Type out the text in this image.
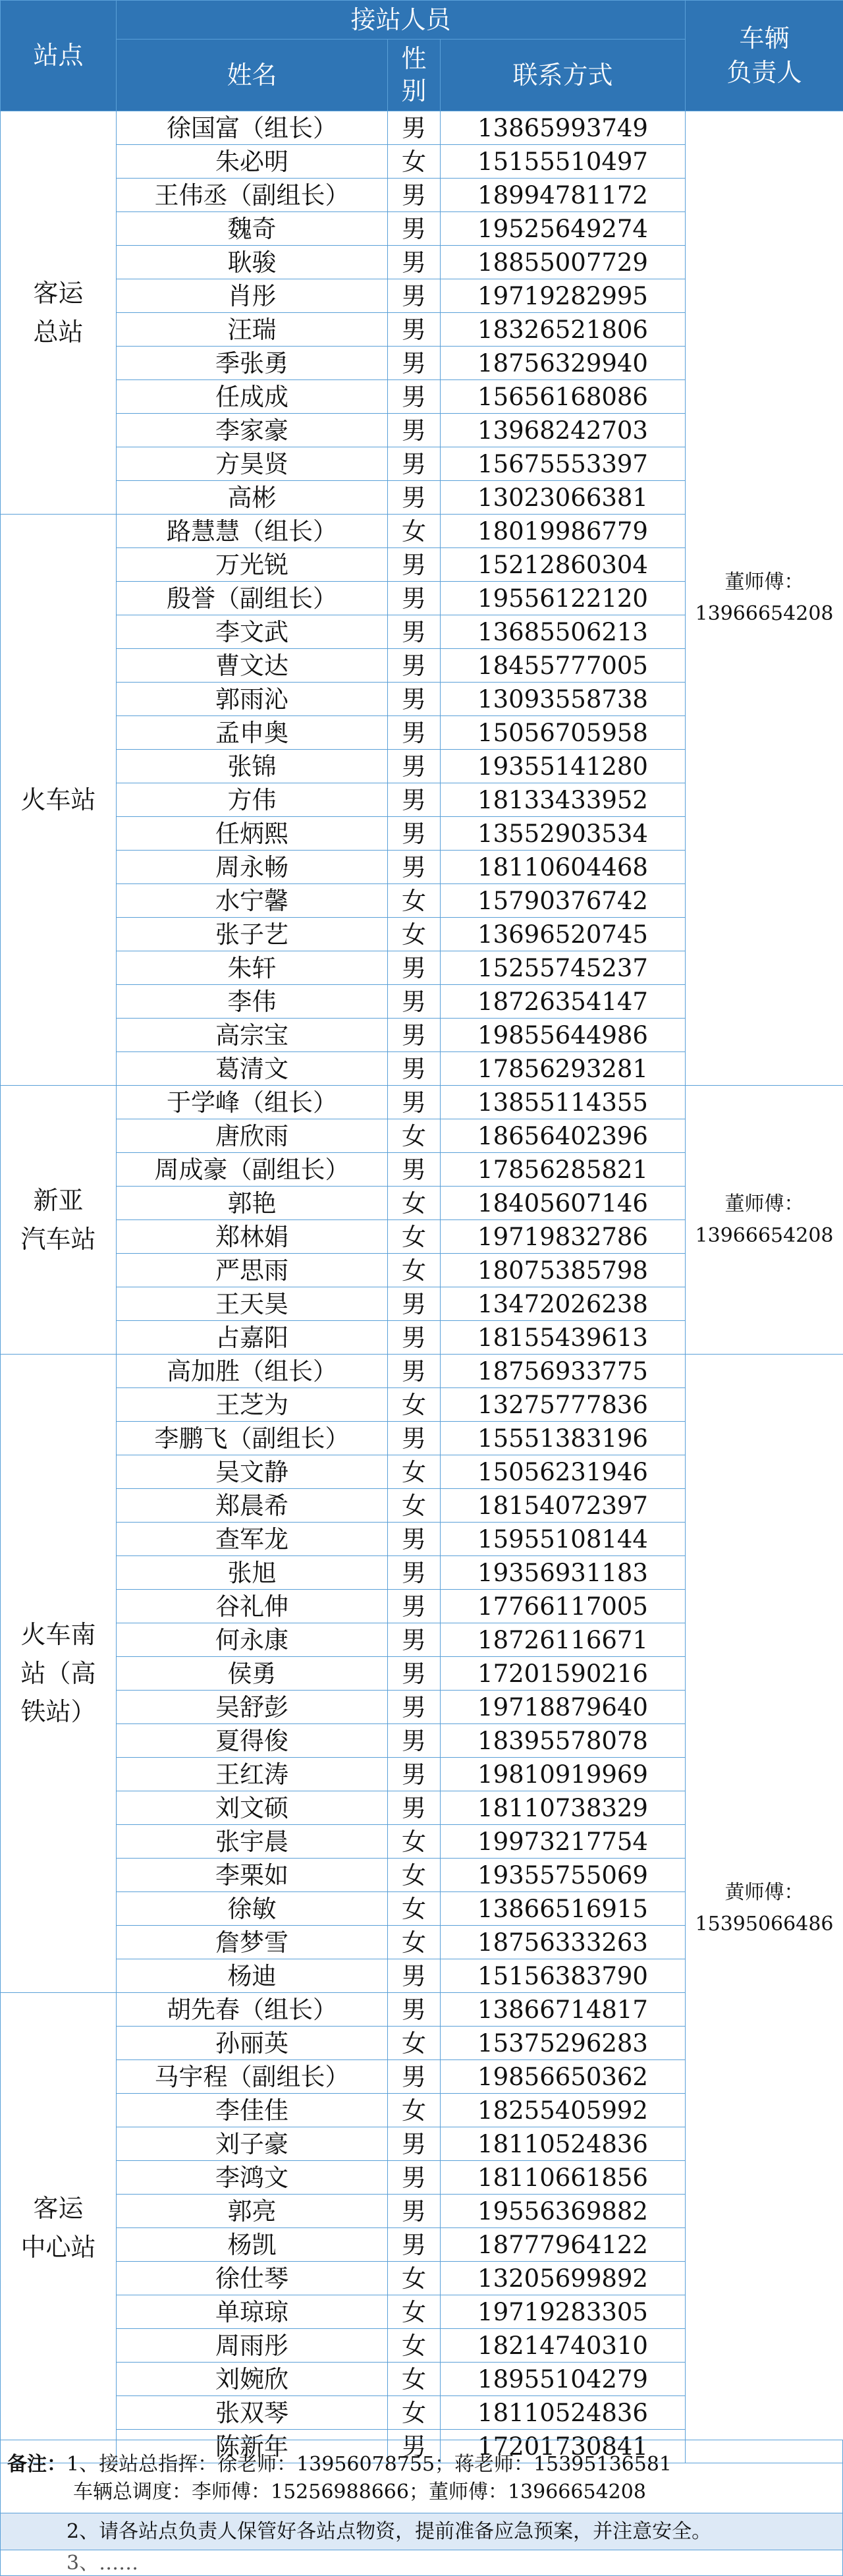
站点	接站人员			车辆
负责人
	姓名	性
别	联系方式	
客运
总站	徐国富（组长）	男	13865993749	董师傅：
13966654208
	朱必明	女	15155510497	
	王伟丞（副组长）	男	18994781172	
	魏奇	男	19525649274	
	耿骏	男	18855007729	
	肖彤	男	19719282995	
	汪瑞	男	18326521806	
	季张勇	男	18756329940	
	任成成	男	15656168086	
	李家豪	男	13968242703	
	方昊贤	男	15675553397	
	高彬	男	13023066381	
火车站	路慧慧（组长）	女	18019986779	
	万光锐	男	15212860304	
	殷誉（副组长）	男	19556122120	
	李文武	男	13685506213	
	曹文达	男	18455777005	
	郭雨沁	男	13093558738	
	孟申奥	男	15056705958	
	张锦	男	19355141280	
	方伟	男	18133433952	
	任炳熙	男	13552903534	
	周永畅	男	18110604468	
	水宁馨	女	15790376742	
	张子艺	女	13696520745	
	朱轩	男	15255745237	
	李伟	男	18726354147	
	高宗宝	男	19855644986	
	葛清文	男	17856293281	
新亚
汽车站	于学峰（组长）	男	13855114355	董师傅：
13966654208
	唐欣雨	女	18656402396	
	周成豪（副组长）	男	17856285821	
	郭艳	女	18405607146	
	郑林娟	女	19719832786	
	严思雨	女	18075385798	
	王天昊	男	13472026238	
	占嘉阳	男	18155439613	
火车南
站（高
铁站）	高加胜（组长）	男	18756933775	黄师傅：
15395066486
	王芝为	女	13275777836	
	李鹏飞（副组长）	男	15551383196	
	吴文静	女	15056231946	
	郑晨希	女	18154072397	
	查军龙	男	15955108144	
	张旭	男	19356931183	
	谷礼伸	男	17766117005	
	何永康	男	18726116671	
	侯勇	男	17201590216	
	吴舒彭	男	19718879640	
	夏得俊	男	18395578078	
	王红涛	男	19810919969	
	刘文硕	男	18110738329	
	张宇晨	女	19973217754	
	李栗如	女	19355755069	
	徐敏	女	13866516915	
	詹梦雪	女	18756333263	
	杨迪	男	15156383790	
客运
中心站	胡先春（组长）	男	13866714817	
	孙丽英	女	15375296283	
	马宇程（副组长）	男	19856650362	
	李佳佳	女	18255405992	
	刘子豪	男	18110524836	
	李鸿文	男	18110661856	
	郭亮	男	19556369882	
	杨凯	男	18777964122	
	徐仕琴	女	13205699892	
	单琼琼	女	19719283305	
	周雨彤	女	18214740310	
	刘婉欣	女	18955104279	
	张双琴	女	18110524836	
	陈新年	男	17201730841	
备注：1、接站总指挥：徐老师：13956078755；蒋老师：15395136581
车辆总调度：李师傅：15256988666；董师傅：13966654208
2、请各站点负责人保管好各站点物资，提前准备应急预案，并注意安全。
3、……
